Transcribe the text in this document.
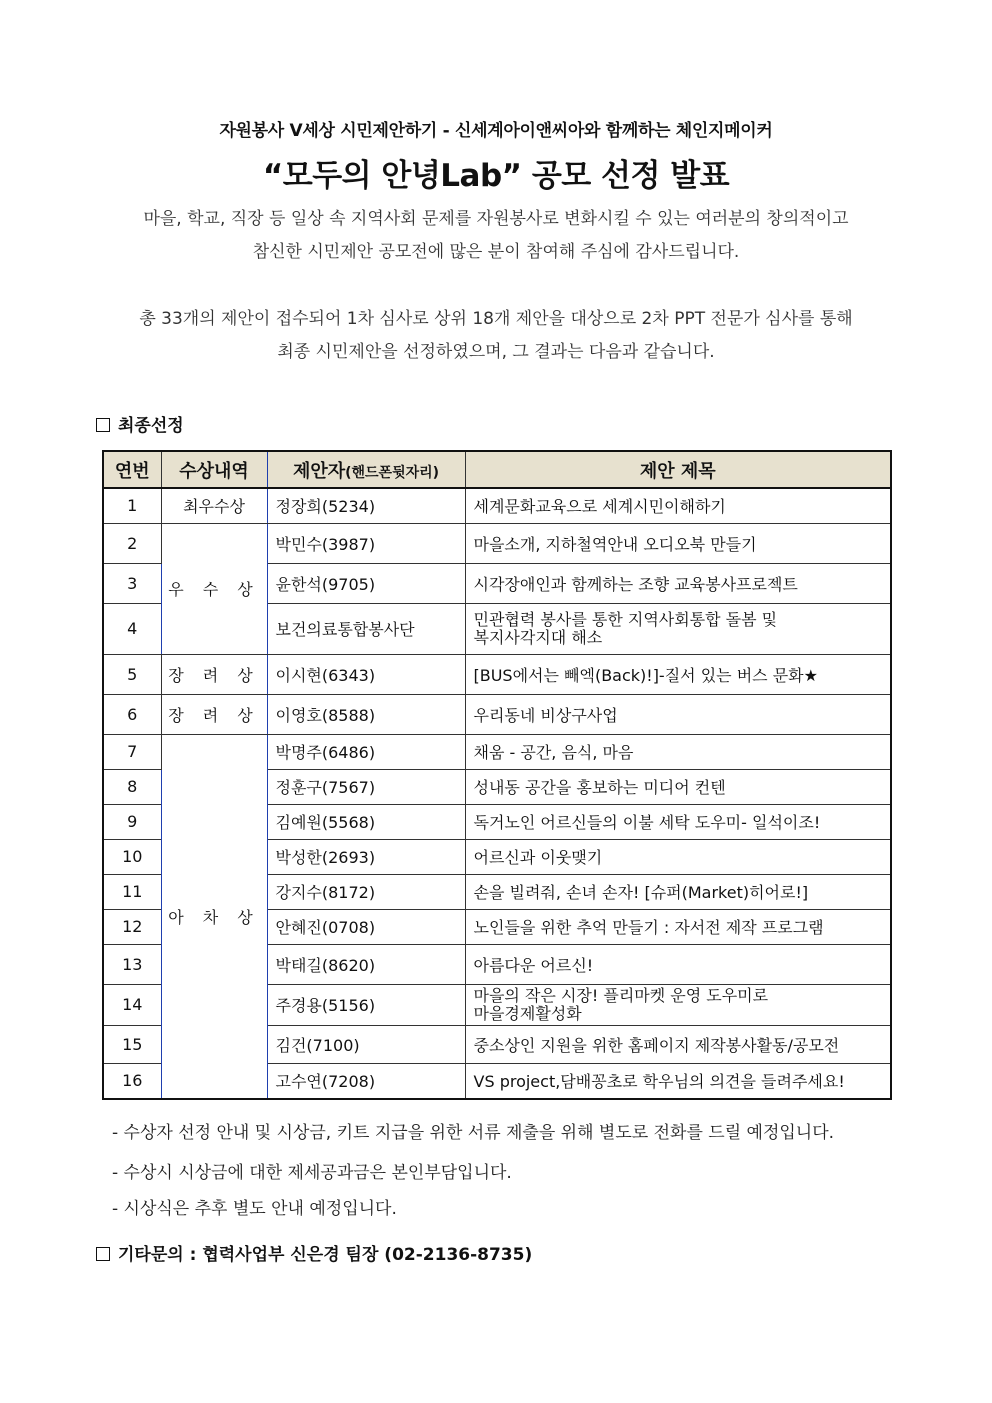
자원봉사 V세상 시민제안하기 - 신세계아이앤씨아와 함께하는 체인지메이커
“모두의 안녕Lab” 공모 선정 발표
마을, 학교, 직장 등 일상 속 지역사회 문제를 자원봉사로 변화시킬 수 있는 여러분의 창의적이고
참신한 시민제안 공모전에 많은 분이 참여해 주심에 감사드립니다.
총 33개의 제안이 접수되어 1차 심사로 상위 18개 제안을 대상으로 2차 PPT 전문가 심사를 통해
최종 시민제안을 선정하였으며, 그 결과는 다음과 같습니다.
최종선정
연번	수상내역	제안자(핸드폰뒷자리)	제안 제목
1	최우수상	정장희(5234)	세계문화교육으로 세계시민이해하기
2	우 수 상	박민수(3987)	마을소개, 지하철역안내 오디오북 만들기
3		윤한석(9705)	시각장애인과 함께하는 조향 교육봉사프로젝트
4		보건의료통합봉사단	민관협력 봉사를 통한 지역사회통합 돌봄 및
복지사각지대 해소

5	장 려 상	이시현(6343)	[BUS에서는 빼엑(Back)!]-질서 있는 버스 문화★
6	장 려 상	이영호(8588)	우리동네 비상구사업
7	아 차 상	박명주(6486)	채움 - 공간, 음식, 마음
8		정훈구(7567)	성내동 공간을 홍보하는 미디어 컨텐
9		김예원(5568)	독거노인 어르신들의 이불 세탁 도우미- 일석이조!
10		박성한(2693)	어르신과 이웃맺기
11		강지수(8172)	손을 빌려줘, 손녀 손자! [슈퍼(Market)히어로!]
12		안혜진(0708)	노인들을 위한 추억 만들기 : 자서전 제작 프로그램
13		박태길(8620)	아름다운 어르신!
14		주경용(5156)	마을의 작은 시장! 플리마켓 운영 도우미로
마을경제활성화

15		김건(7100)	중소상인 지원을 위한 홈페이지 제작봉사활동/공모전
16		고수연(7208)	VS project,담배꽁초로 학우님의 의견을 들려주세요!
- 수상자 선정 안내 및 시상금, 키트 지급을 위한 서류 제출을 위해 별도로 전화를 드릴 예정입니다.
- 수상시 시상금에 대한 제세공과금은 본인부담입니다.
- 시상식은 추후 별도 안내 예정입니다.
기타문의 : 협력사업부 신은경 팀장 (02-2136-8735)
